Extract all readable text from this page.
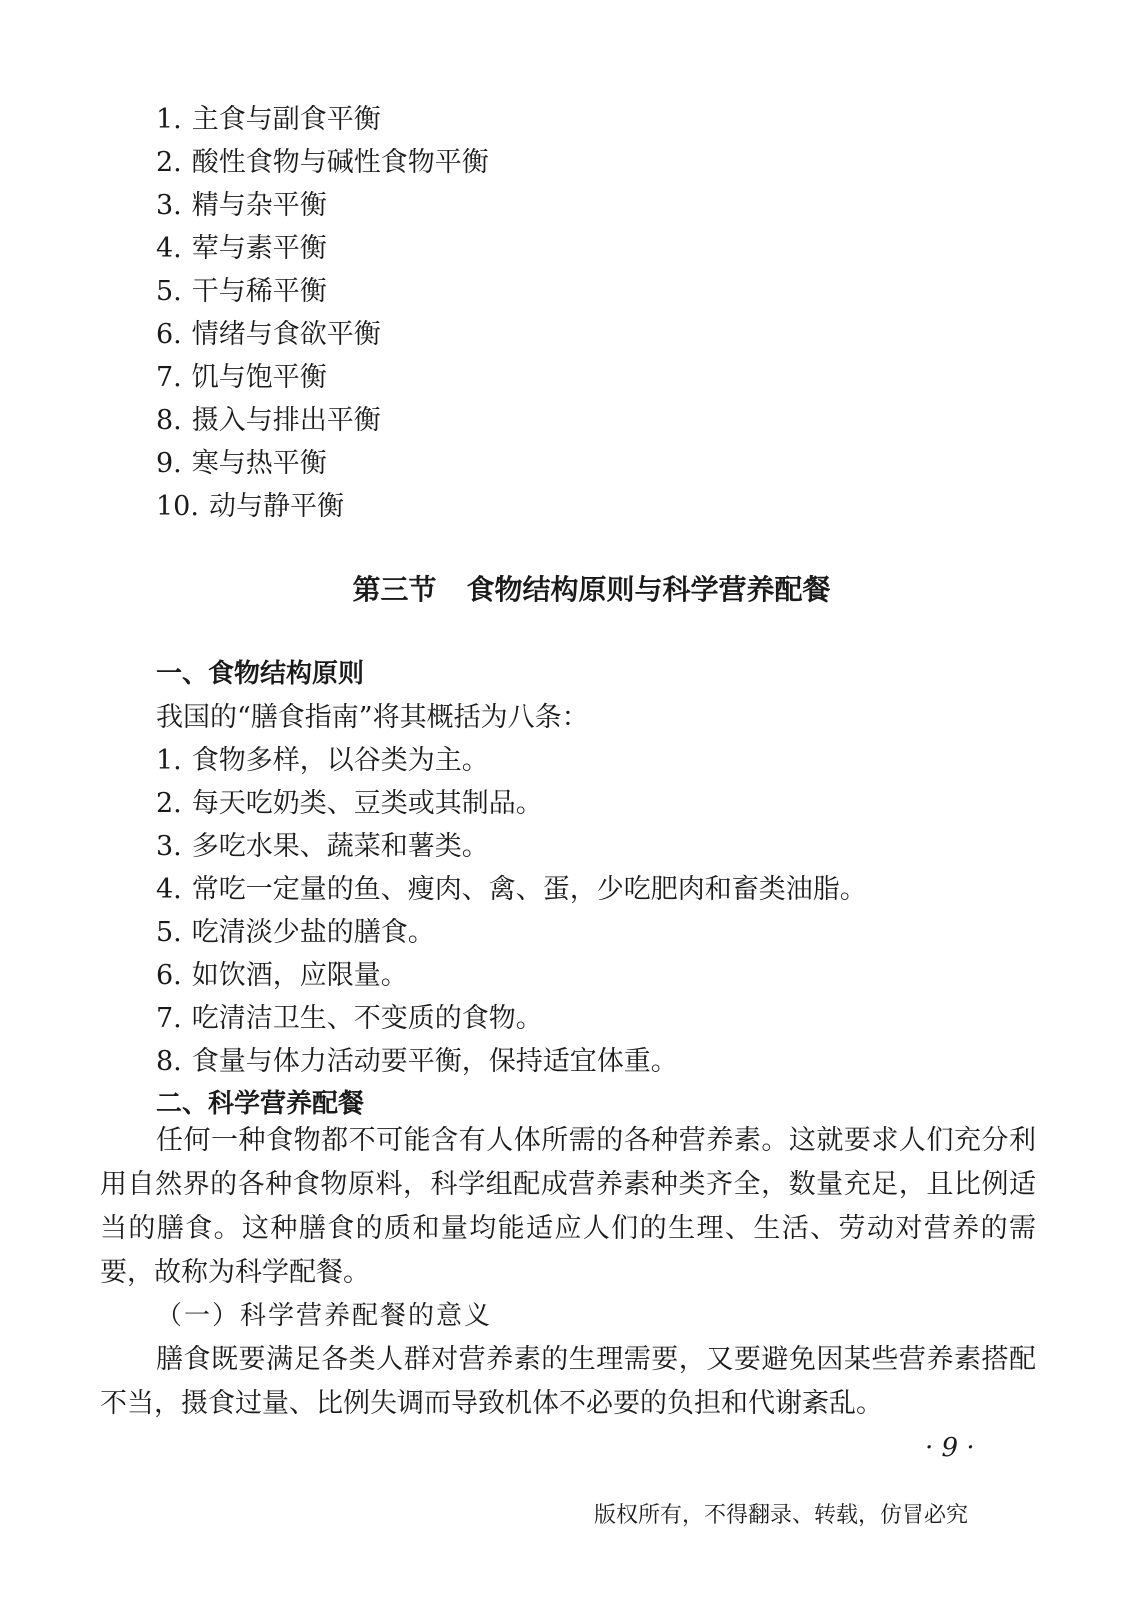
1. 主食与副食平衡
2. 酸性食物与碱性食物平衡
3. 精与杂平衡
4. 荤与素平衡
5. 干与稀平衡
6. 情绪与食欲平衡
7. 饥与饱平衡
8. 摄入与排出平衡
9. 寒与热平衡
10. 动与静平衡
第三节 食物结构原则与科学营养配餐
一、食物结构原则
我国的“膳食指南”将其概括为八条：
1. 食物多样，以谷类为主。
2. 每天吃奶类、豆类或其制品。
3. 多吃水果、蔬菜和薯类。
4. 常吃一定量的鱼、瘦肉、禽、蛋，少吃肥肉和畜类油脂。
5. 吃清淡少盐的膳食。
6. 如饮酒，应限量。
7. 吃清洁卫生、不变质的食物。
8. 食量与体力活动要平衡，保持适宜体重。
二、科学营养配餐

任何一种食物都不可能含有人体所需的各种营养素。这就要求人们充分利用自然界的各种食物原料，科学组配成营养素种类齐全，数量充足，且比例适当的膳食。这种膳食的质和量均能适应人们的生理、生活、劳动对营养的需要，故称为科学配餐。

（一）科学营养配餐的意义

膳食既要满足各类人群对营养素的生理需要，又要避免因某些营养素搭配不当，摄食过量、比例失调而导致机体不必要的负担和代谢紊乱。

· 9 ·
版权所有，不得翻录、转载，仿冒必究
